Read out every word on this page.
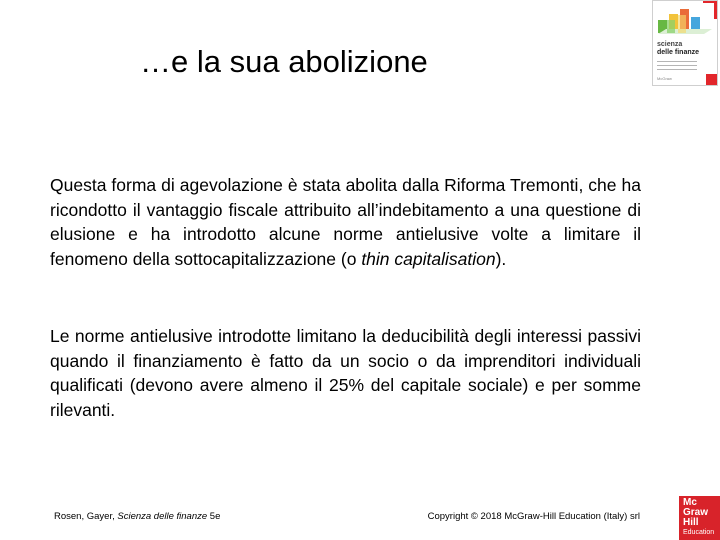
…e la sua abolizione	scienza
delle finanze
McGraw

Questa forma di agevolazione è stata abolita dalla Riforma Tremonti, che ha ricondotto il vantaggio fiscale attribuito all’indebitamento a una questione di elusione e ha introdotto alcune norme antielusive volte a limitare il fenomeno della sottocapitalizzazione (o thin capitalisation).

Le norme antielusive introdotte limitano la deducibilità degli interessi passivi quando il finanziamento è fatto da un socio o da imprenditori individuali qualificati (devono avere almeno il 25% del capitale sociale) e per somme rilevanti.

Rosen, Gayer, Scienza delle finanze 5e	Copyright © 2018 McGraw-Hill Education (Italy) srl
Mc
Graw
Hill
Education
